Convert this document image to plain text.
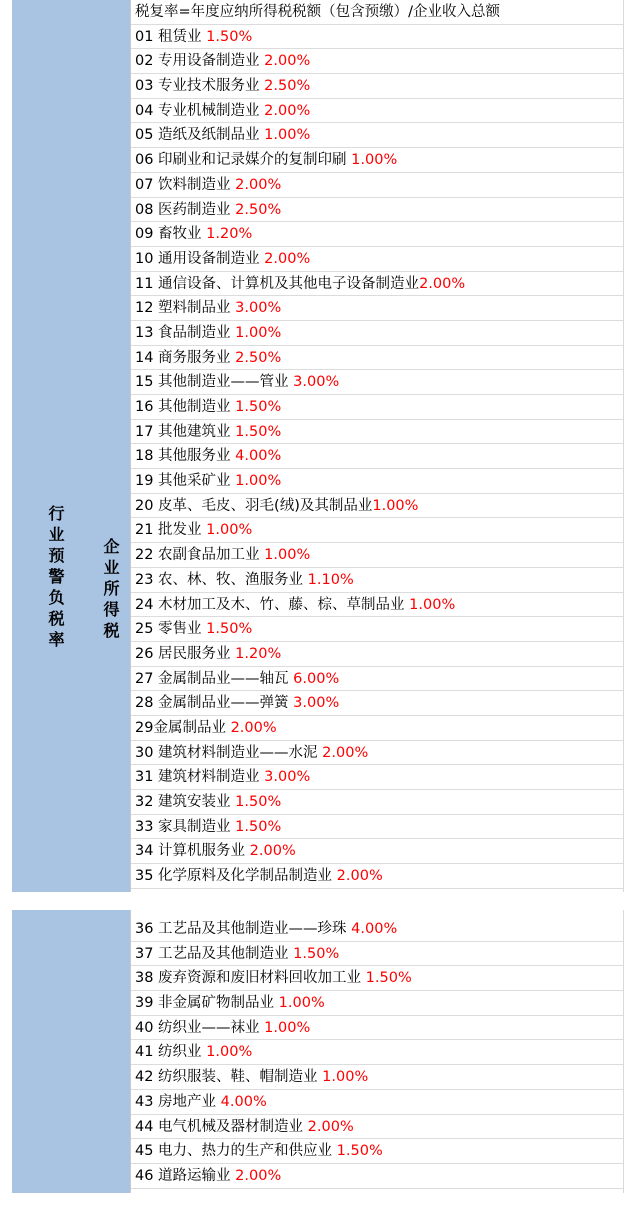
行业预警负税率 企业所得税
税复率=年度应纳所得税税额（包含预缴）/企业收入总额
01 租赁业 1.50%
02 专用设备制造业 2.00%
03 专业技术服务业 2.50%
04 专业机械制造业 2.00%
05 造纸及纸制品业 1.00%
06 印刷业和记录媒介的复制印刷 1.00%
07 饮料制造业 2.00%
08 医药制造业 2.50%
09 畜牧业 1.20%
10 通用设备制造业 2.00%
11 通信设备、计算机及其他电子设备制造业2.00%
12 塑料制品业 3.00%
13 食品制造业 1.00%
14 商务服务业 2.50%
15 其他制造业——管业 3.00%
16 其他制造业 1.50%
17 其他建筑业 1.50%
18 其他服务业 4.00%
19 其他采矿业 1.00%
20 皮革、毛皮、羽毛(绒)及其制品业1.00%
21 批发业 1.00%
22 农副食品加工业 1.00%
23 农、林、牧、渔服务业 1.10%
24 木材加工及木、竹、藤、棕、草制品业 1.00%
25 零售业 1.50%
26 居民服务业 1.20%
27 金属制品业——轴瓦 6.00%
28 金属制品业——弹簧 3.00%
29金属制品业 2.00%
30 建筑材料制造业——水泥 2.00%
31 建筑材料制造业 3.00%
32 建筑安装业 1.50%
33 家具制造业 1.50%
34 计算机服务业 2.00%
35 化学原料及化学制品制造业 2.00%
36 工艺品及其他制造业——珍珠 4.00%
37 工艺品及其他制造业 1.50%
38 废弃资源和废旧材料回收加工业 1.50%
39 非金属矿物制品业 1.00%
40 纺织业——袜业 1.00%
41 纺织业 1.00%
42 纺织服装、鞋、帽制造业 1.00%
43 房地产业 4.00%
44 电气机械及器材制造业 2.00%
45 电力、热力的生产和供应业 1.50%
46 道路运输业 2.00%
